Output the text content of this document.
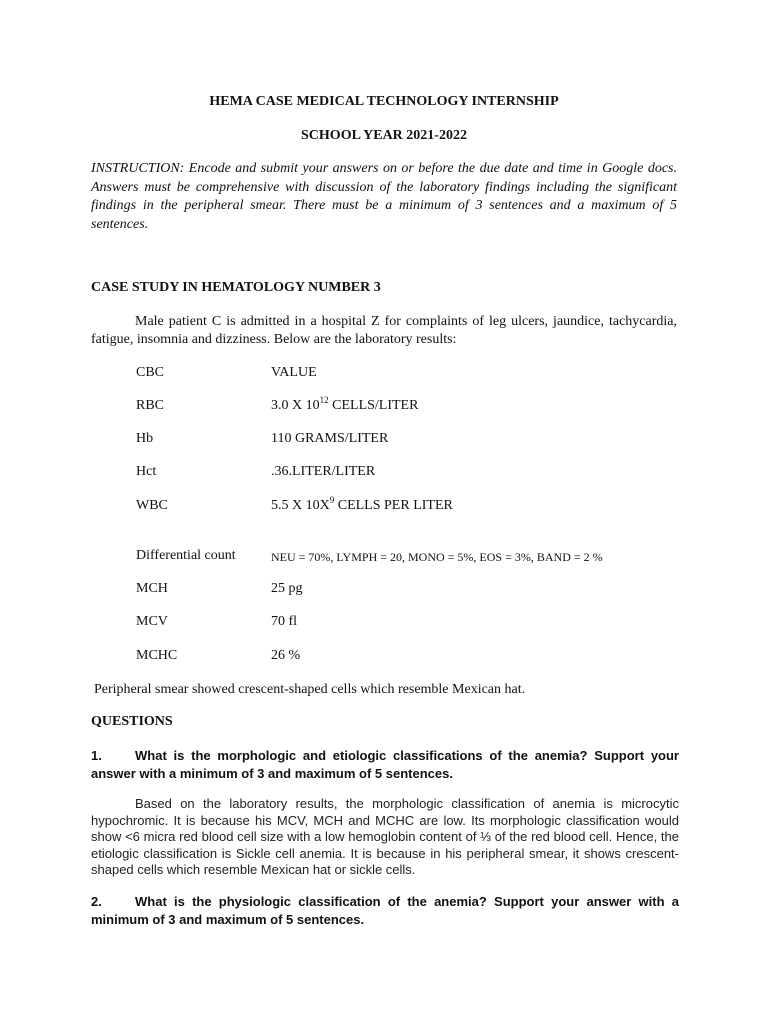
HEMA CASE MEDICAL TECHNOLOGY INTERNSHIP
SCHOOL YEAR 2021-2022
INSTRUCTION: Encode and submit your answers on or before the due date and time in Google docs. Answers must be comprehensive with discussion of the laboratory findings including the significant findings in the peripheral smear. There must be a minimum of 3 sentences and a maximum of 5 sentences.
CASE STUDY IN HEMATOLOGY NUMBER 3
Male patient C is admitted in a hospital Z for complaints of leg ulcers, jaundice, tachycardia, fatigue, insomnia and dizziness. Below are the laboratory results:
CBC	VALUE
RBC	3.0 X $10^{12}$ CELLS/LITER
Hb	110 GRAMS/LITER
Hct	.36.LITER/LITER
WBC	5.5 X $10X^9$ CELLS PER LITER
Differential count	NEU = 70%, LYMPH = 20, MONO = 5%, EOS = 3%, BAND = 2 %
MCH	25 pg
MCV	70 fl
MCHC	26 %
Peripheral smear showed crescent-shaped cells which resemble Mexican hat.
QUESTIONS
1.	What is the morphologic and etiologic classifications of the anemia? Support your answer with a minimum of 3 and maximum of 5 sentences.
Based on the laboratory results, the morphologic classification of anemia is microcytic hypochromic. It is because his MCV, MCH and MCHC are low. Its morphologic classification would show <6 micra red blood cell size with a low hemoglobin content of ⅓ of the red blood cell. Hence, the etiologic classification is Sickle cell anemia. It is because in his peripheral smear, it shows crescent-shaped cells which resemble Mexican hat or sickle cells.
2.	What is the physiologic classification of the anemia? Support your answer with a minimum of 3 and maximum of 5 sentences.
